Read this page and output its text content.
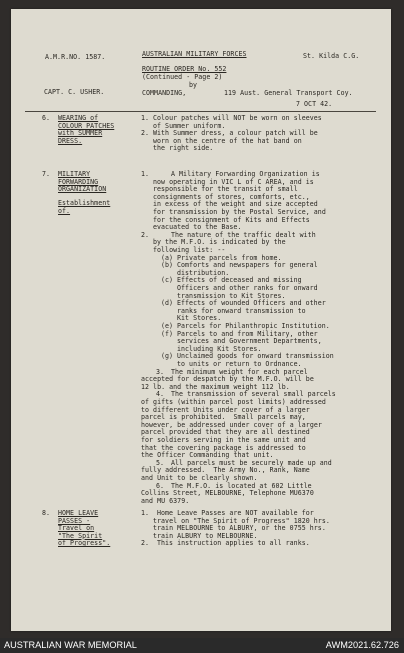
A.M.R.NO. 1587.	AUSTRALIAN MILITARY FORCES	St. Kilda C.G.
ROUTINE ORDER No. 552
(Continued - Page 2)
by
COMMANDING,	119 Aust. General Transport Coy.
CAPT. C. USHER.
7 OCT 42.
6. WEARING of
COLOUR PATCHES
with SUMMER
DRESS.
1. Colour patches will NOT be worn on sleeves
of Summer uniform.
2. With Summer dress, a colour patch will be
worn on the centre of the hat band on
the right side.
7. MILITARY
FORWARDING
ORGANIZATION
Establishment
of.
1.	A Military Forwarding Organization is
now operating in VIC L of C AREA, and is
responsible for the transit of small
consignments of stores, comforts, etc.,
in excess of the weight and size accepted
for transmission by the Postal Service, and
for the consignment of Kits and Effects
evacuated to the Base.
2.	The nature of the traffic dealt with
by the M.F.O. is indicated by the
following list: --
(a) Private parcels from home.
(b) Comforts and newspapers for general
distribution.
(c) Effects of deceased and missing
Officers and other ranks for onward
transmission to Kit Stores.
(d) Effects of wounded Officers and other
ranks for onward transmission to
Kit Stores.
(e) Parcels for Philanthropic Institution.
(f) Parcels to and from Military, other
services and Government Departments,
including Kit Stores.
(g) Unclaimed goods for onward transmission
to units or return to Ordnance.
3. The minimum weight for each parcel
accepted for despatch by the M.F.O. will be
12 lb. and the maximum weight 112 lb.
4. The transmission of several small parcels
of gifts (within parcel post limits) addressed
to different Units under cover of a larger
parcel is prohibited.  Small parcels may,
however, be addressed under cover of a larger
parcel provided that they are all destined
for soldiers serving in the same unit and
that the covering package is addressed to
the Officer Commanding that unit.
5. All parcels must be securely made up and
fully addressed.  The Army No., Rank, Name
and Unit to be clearly shown.
6. The M.F.O. is located at 602 Little
Collins Street, MELBOURNE, Telephone MU6370
and MU 6379.
8. HOME LEAVE
PASSES -
Travel on
"The Spirit
of Progress".
1. Home Leave Passes are NOT available for
travel on "The Spirit of Progress" 1820 hrs.
train MELBOURNE to ALBURY, or the 0755 hrs.
train ALBURY to MELBOURNE.
2. This instruction applies to all ranks.
AUSTRALIAN WAR MEMORIAL	AWM2021.62.726
